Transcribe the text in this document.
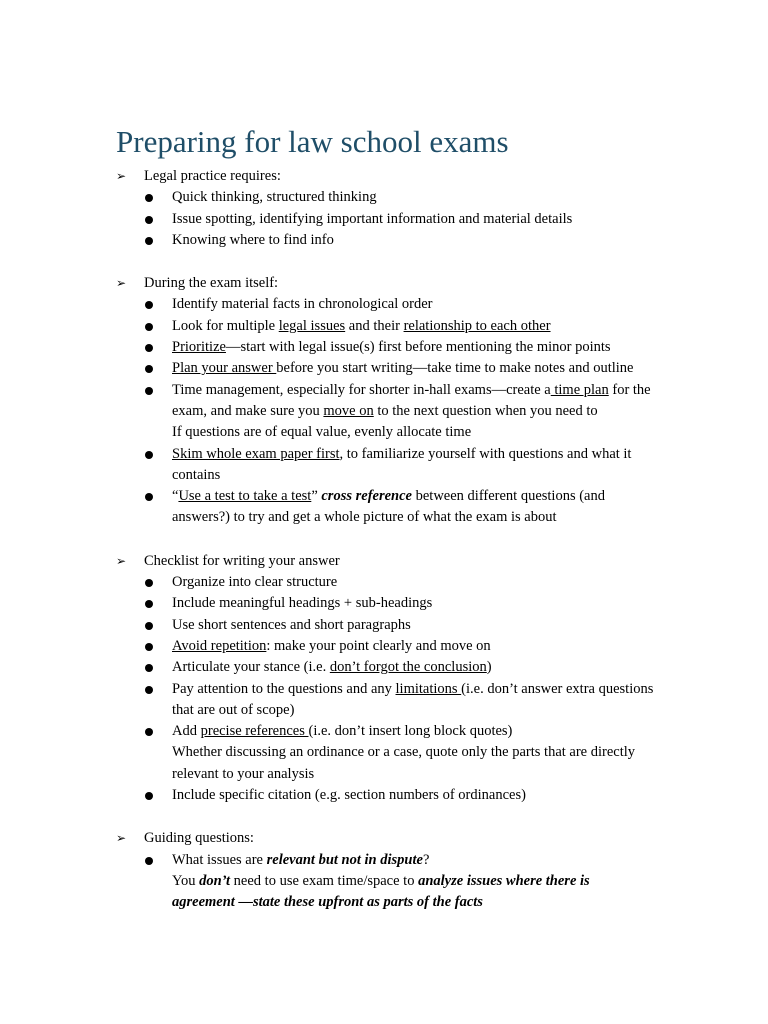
Preparing for law school exams
➢ Legal practice requires:
Quick thinking, structured thinking
Issue spotting, identifying important information and material details
Knowing where to find info
➢ During the exam itself:
Identify material facts in chronological order
Look for multiple legal issues and their relationship to each other
Prioritize—start with legal issue(s) first before mentioning the minor points
Plan your answer before you start writing—take time to make notes and outline
Time management, especially for shorter in-hall exams—create a time plan for the exam, and make sure you move on to the next question when you need to
If questions are of equal value, evenly allocate time
Skim whole exam paper first, to familiarize yourself with questions and what it contains
“Use a test to take a test” cross reference between different questions (and answers?) to try and get a whole picture of what the exam is about
➢ Checklist for writing your answer
Organize into clear structure
Include meaningful headings + sub-headings
Use short sentences and short paragraphs
Avoid repetition: make your point clearly and move on
Articulate your stance (i.e. don’t forgot the conclusion)
Pay attention to the questions and any limitations (i.e. don’t answer extra questions that are out of scope)
Add precise references (i.e. don’t insert long block quotes)
Whether discussing an ordinance or a case, quote only the parts that are directly relevant to your analysis
Include specific citation (e.g. section numbers of ordinances)
➢ Guiding questions:
What issues are relevant but not in dispute?
You don’t need to use exam time/space to analyze issues where there is agreement —state these upfront as parts of the facts
